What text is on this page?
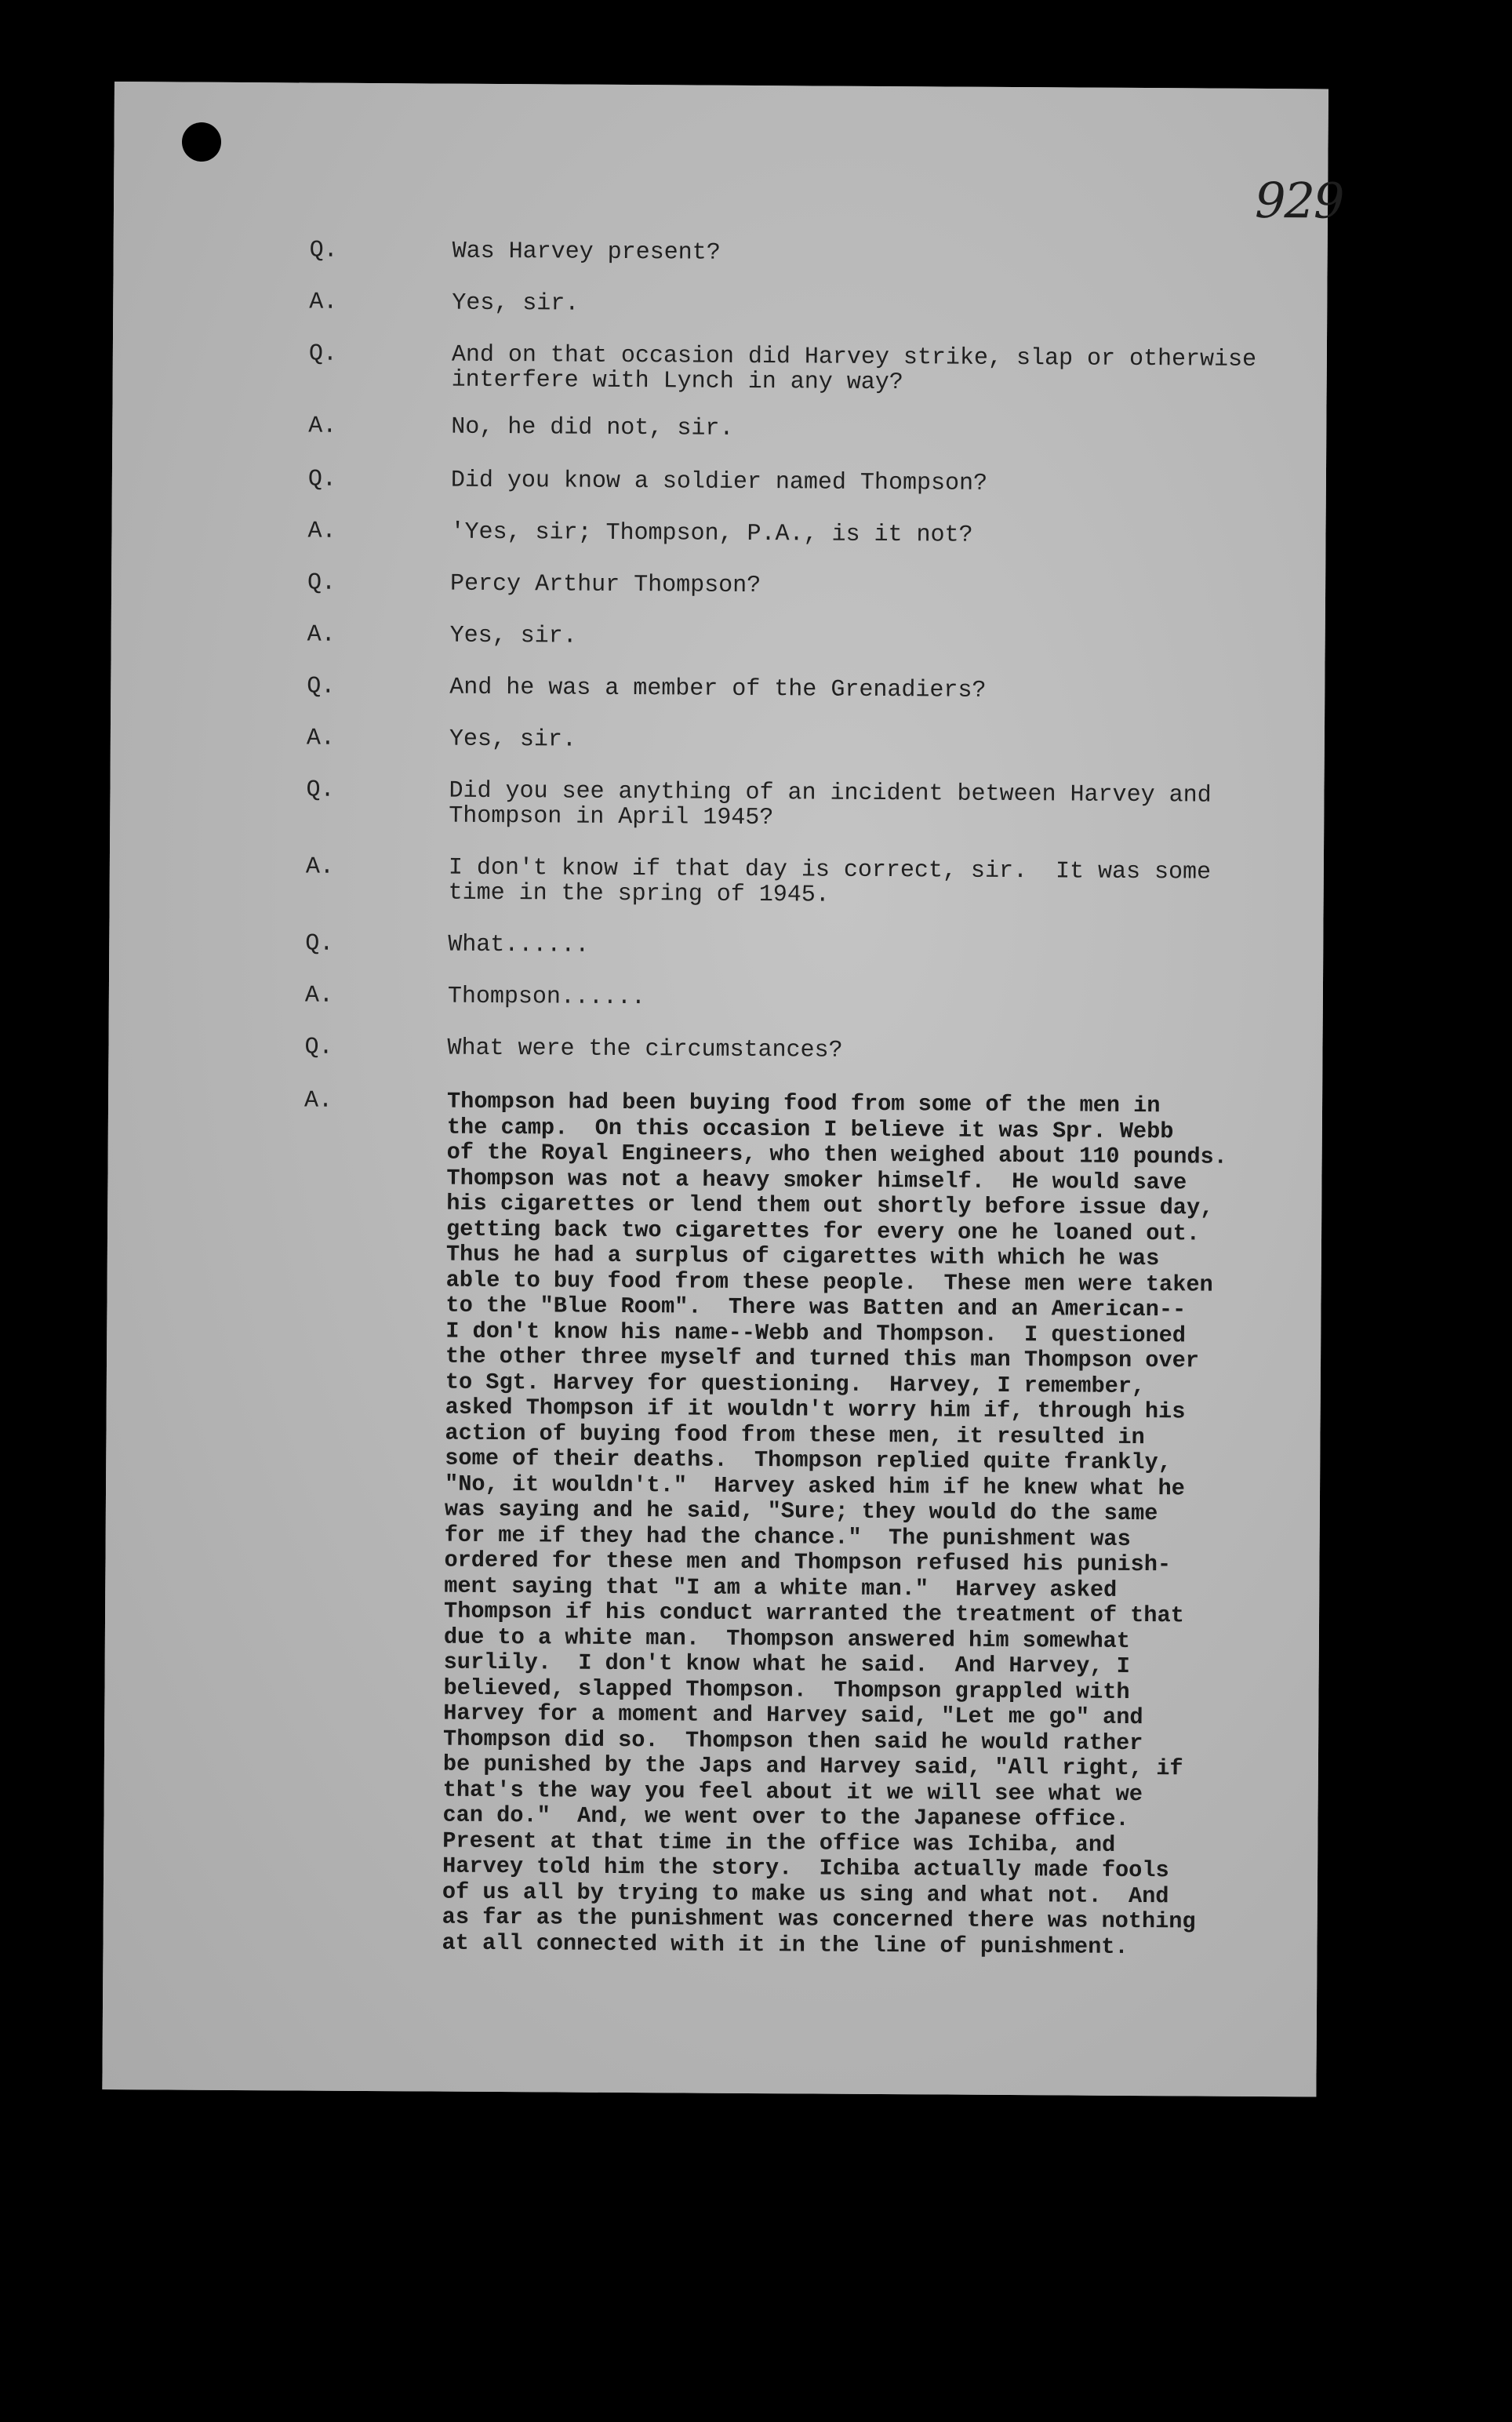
929
Q.	Was Harvey present?
A.	Yes, sir.
Q.	And on that occasion did Harvey strike, slap or otherwise
interfere with Lynch in any way?
A.	No, he did not, sir.
Q.	Did you know a soldier named Thompson?
A.	'Yes, sir; Thompson, P.A., is it not?
Q.	Percy Arthur Thompson?
A.	Yes, sir.
Q.	And he was a member of the Grenadiers?
A.	Yes, sir.
Q.	Did you see anything of an incident between Harvey and
Thompson in April 1945?
A.	I don't know if that day is correct, sir.  It was some
time in the spring of 1945.
Q.	What......
A.	Thompson......
Q.	What were the circumstances?
A.	Thompson had been buying food from some of the men in
the camp.  On this occasion I believe it was Spr. Webb
of the Royal Engineers, who then weighed about 110 pounds.
Thompson was not a heavy smoker himself.  He would save
his cigarettes or lend them out shortly before issue day,
getting back two cigarettes for every one he loaned out.
Thus he had a surplus of cigarettes with which he was
able to buy food from these people.  These men were taken
to the "Blue Room".  There was Batten and an American--
I don't know his name--Webb and Thompson.  I questioned
the other three myself and turned this man Thompson over
to Sgt. Harvey for questioning.  Harvey, I remember,
asked Thompson if it wouldn't worry him if, through his
action of buying food from these men, it resulted in
some of their deaths.  Thompson replied quite frankly,
"No, it wouldn't."  Harvey asked him if he knew what he
was saying and he said, "Sure; they would do the same
for me if they had the chance."  The punishment was
ordered for these men and Thompson refused his punish-
ment saying that "I am a white man."  Harvey asked
Thompson if his conduct warranted the treatment of that
due to a white man.  Thompson answered him somewhat
surlily.  I don't know what he said.  And Harvey, I
believed, slapped Thompson.  Thompson grappled with
Harvey for a moment and Harvey said, "Let me go" and
Thompson did so.  Thompson then said he would rather
be punished by the Japs and Harvey said, "All right, if
that's the way you feel about it we will see what we
can do."  And, we went over to the Japanese office.
Present at that time in the office was Ichiba, and
Harvey told him the story.  Ichiba actually made fools
of us all by trying to make us sing and what not.  And
as far as the punishment was concerned there was nothing
at all connected with it in the line of punishment.
